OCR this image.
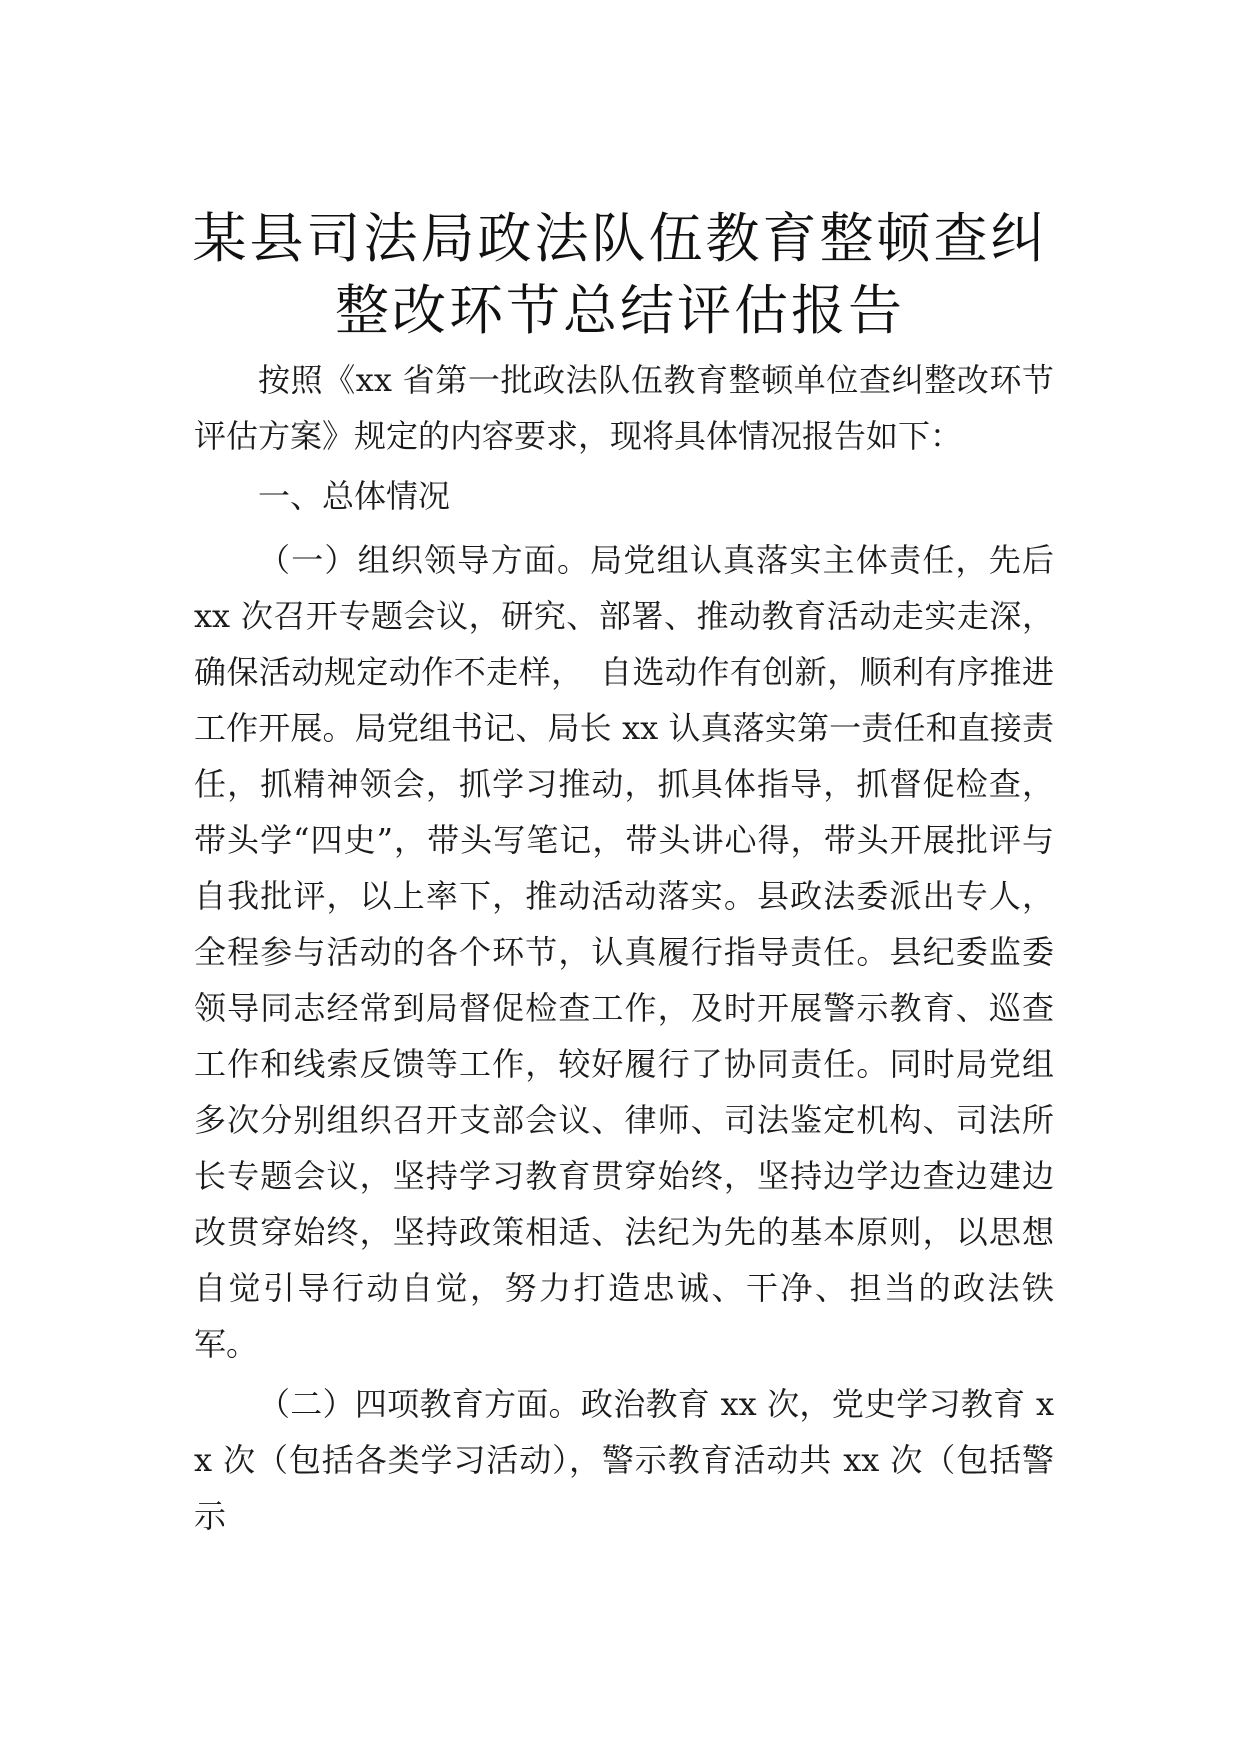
某县司法局政法队伍教育整顿查纠
整改环节总结评估报告

按照《xx 省第一批政法队伍教育整顿单位查纠整改环节评估方案》规定的内容要求，现将具体情况报告如下：

一、总体情况

（一）组织领导方面。局党组认真落实主体责任，先后 xx 次召开专题会议，研究、部署、推动教育活动走实走深，确保活动规定动作不走样，　自选动作有创新，顺利有序推进工作开展。局党组书记、局长 xx 认真落实第一责任和直接责任，抓精神领会，抓学习推动，抓具体指导，抓督促检查，带头学“四史”，带头写笔记，带头讲心得，带头开展批评与自我批评，以上率下，推动活动落实。县政法委派出专人，全程参与活动的各个环节，认真履行指导责任。县纪委监委领导同志经常到局督促检查工作，及时开展警示教育、巡查工作和线索反馈等工作，较好履行了协同责任。同时局党组多次分别组织召开支部会议、律师、司法鉴定机构、司法所长专题会议，坚持学习教育贯穿始终，坚持边学边查边建边改贯穿始终，坚持政策相适、法纪为先的基本原则，以思想自觉引导行动自觉，努力打造忠诚、干净、担当的政法铁军。

（二）四项教育方面。政治教育 xx 次，党史学习教育 xx 次（包括各类学习活动），警示教育活动共 xx 次（包括警示
